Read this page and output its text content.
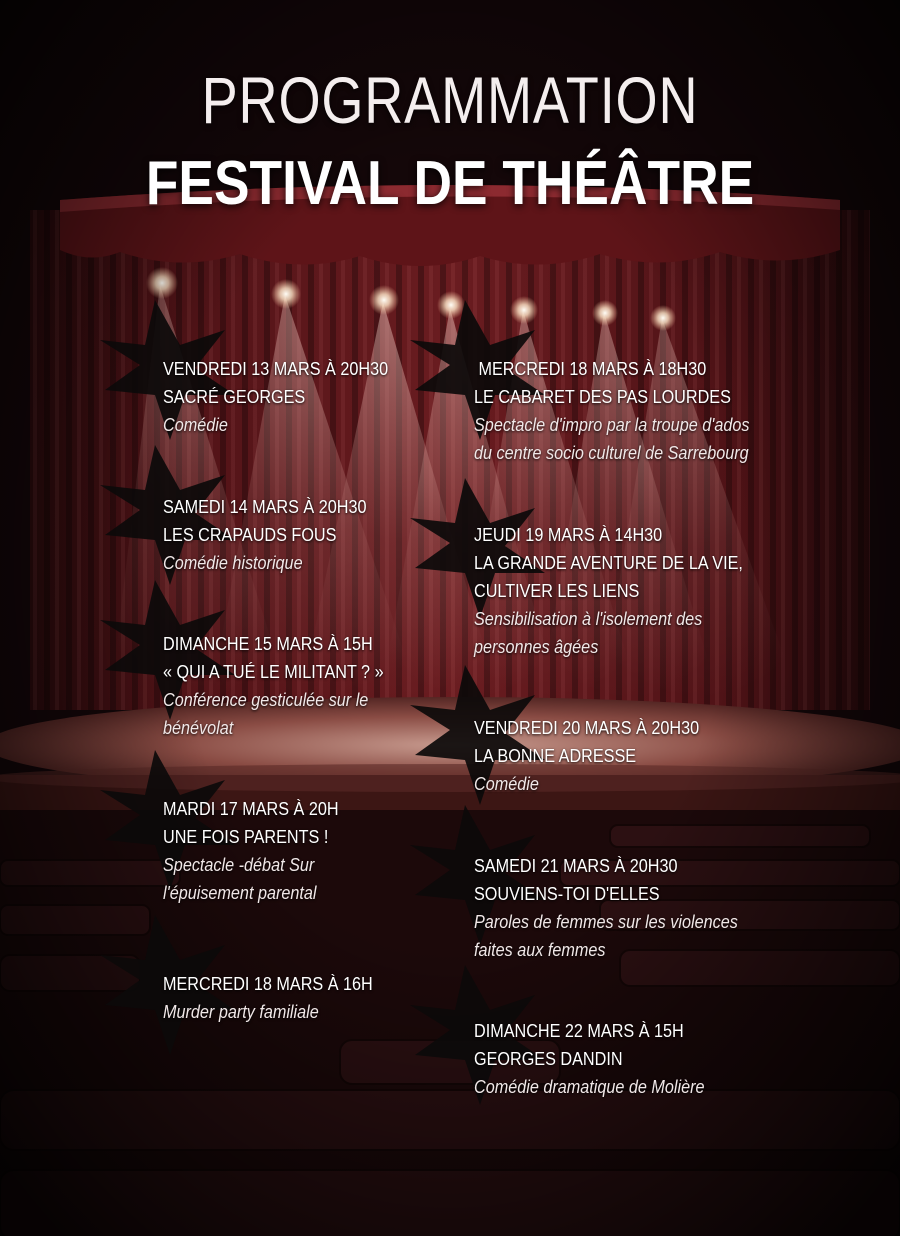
PROGRAMMATION
FESTIVAL DE THÉÂTRE
VENDREDI 13 MARS À 20H30
SACRÉ GEORGES
Comédie
SAMEDI 14 MARS À 20H30
LES CRAPAUDS FOUS
Comédie historique
DIMANCHE 15 MARS À 15H
« QUI A TUÉ LE MILITANT ? »
Conférence gesticulée sur le
bénévolat
MARDI 17 MARS À 20H
UNE FOIS PARENTS !
Spectacle -débat Sur
l'épuisement parental
MERCREDI 18 MARS À 16H
Murder party familiale
MERCREDI 18 MARS À 18H30
LE CABARET DES PAS LOURDES
Spectacle d'impro par la troupe d'ados
du centre socio culturel de Sarrebourg
JEUDI 19 MARS À 14H30
LA GRANDE AVENTURE DE LA VIE,
CULTIVER LES LIENS
Sensibilisation à l'isolement des
personnes âgées
VENDREDI 20 MARS À 20H30
LA BONNE ADRESSE
Comédie
SAMEDI 21 MARS À 20H30
SOUVIENS-TOI D'ELLES
Paroles de femmes sur les violences
faites aux femmes
DIMANCHE 22 MARS À 15H
GEORGES DANDIN
Comédie dramatique de Molière
